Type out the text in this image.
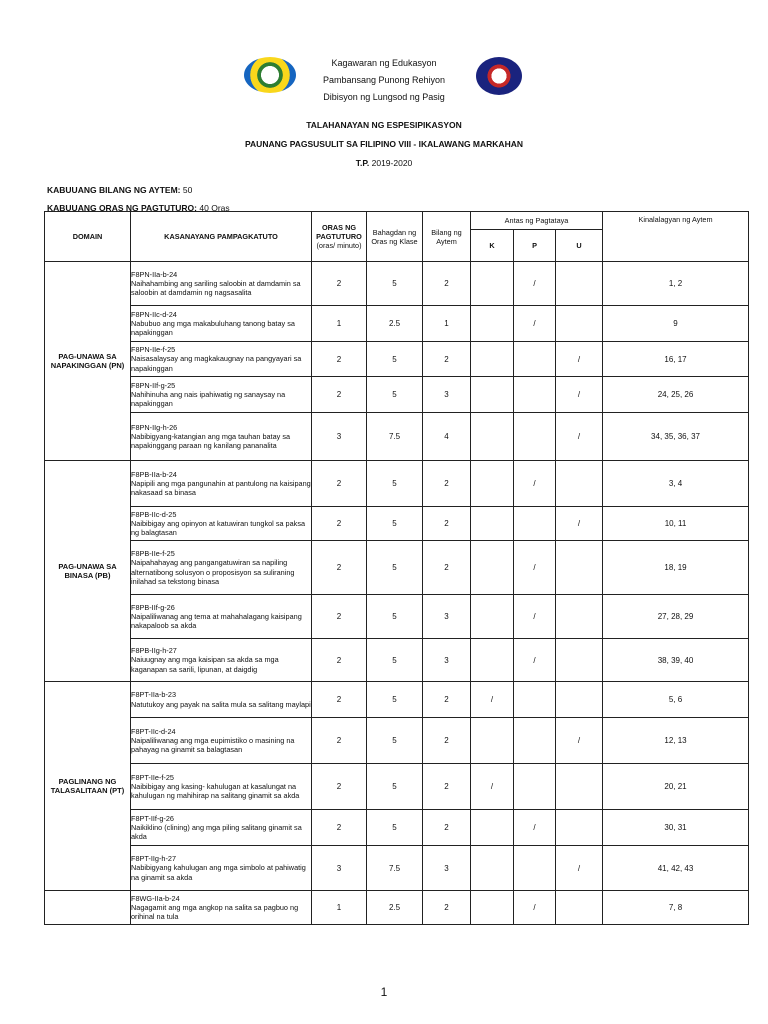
Kagawaran ng Edukasyon
Pambansang Punong Rehiyon
Dibisyon ng Lungsod ng Pasig
TALAHANAYAN NG ESPESIPIKASYON
PAUNANG PAGSUSULIT SA FILIPINO VIII - IKALAWANG MARKAHAN
T.P. 2019-2020
KABUUANG BILANG NG AYTEM: 50
KABUUANG ORAS NG PAGTUTURO: 40 Oras
DOMAIN	KASANAYANG PAMPAGKATUTO	ORAS NG PAGTUTURO
(oras/ minuto)	Bahagdan ng Oras ng Klase	Bilang ng Aytem	Antas ng Pagtataya			Kinalalagyan ng Aytem
					K	P	U	
PAG-UNAWA SA NAPAKINGGAN (PN)	F8PN-IIa-b-24
Naihahambing ang sariling saloobin at damdamin sa saloobin at damdamin ng nagsasalita	2	5	2		/		1, 2

	F8PN-IIc-d-24
Nabubuo ang mga makabuluhang tanong batay sa napakinggan	1	2.5	1		/		9

	F8PN-IIe-f-25
Naisasalaysay ang magkakaugnay na pangyayari sa napakinggan	2	5	2			/	16, 17

	F8PN-IIf-g-25
Nahihinuha ang nais ipahiwatig ng sanaysay na napakinggan	2	5	3			/	24, 25, 26

	F8PN-IIg-h-26
Nabibigyang-katangian ang mga tauhan batay sa napakinggang paraan ng kanilang pananalita	3	7.5	4			/	34, 35, 36, 37
PAG-UNAWA SA BINASA (PB)	F8PB-IIa-b-24
Napipili ang mga pangunahin at pantulong na kaisipang nakasaad sa binasa	2	5	2		/		3, 4

	F8PB-IIc-d-25
Naibibigay ang opinyon at katuwiran tungkol sa paksa ng balagtasan	2	5	2			/	10, 11

	F8PB-IIe-f-25
Naipahahayag ang pangangatuwiran sa napiling alternatibong solusyon o proposisyon sa suliraning inilahad sa tekstong binasa	2	5	2		/		18, 19

	F8PB-IIf-g-26
Naipaliliwanag ang tema at mahahalagang kaisipang nakapaloob sa akda	2	5	3		/		27, 28, 29

	F8PB-IIg-h-27
Naiuugnay ang mga kaisipan sa akda sa mga kaganapan sa sarili, lipunan, at daigdig	2	5	3		/		38, 39, 40
PAGLINANG NG TALASALITAAN (PT)	F8PT-IIa-b-23
Natutukoy ang payak na salita mula sa salitang maylapi	2	5	2	/			5, 6

	F8PT-IIc-d-24
Naipaliliwanag ang mga eupimistiko o masining na pahayag na ginamit sa balagtasan	2	5	2			/	12, 13

	F8PT-IIe-f-25
Naibibigay ang kasing- kahulugan at kasalungat na kahulugan ng mahihirap na salitang ginamit sa akda	2	5	2	/			20, 21

	F8PT-IIf-g-26
Naikiklino (clining) ang mga piling salitang ginamit sa akda	2	5	2		/		30, 31

	F8PT-IIg-h-27
Nabibigyang kahulugan ang mga simbolo at pahiwatig na ginamit sa akda	3	7.5	3			/	41, 42, 43

	F8WG-IIa-b-24
Nagagamit ang mga angkop na salita sa pagbuo ng orihinal na tula	1	2.5	2		/		7, 8
1
